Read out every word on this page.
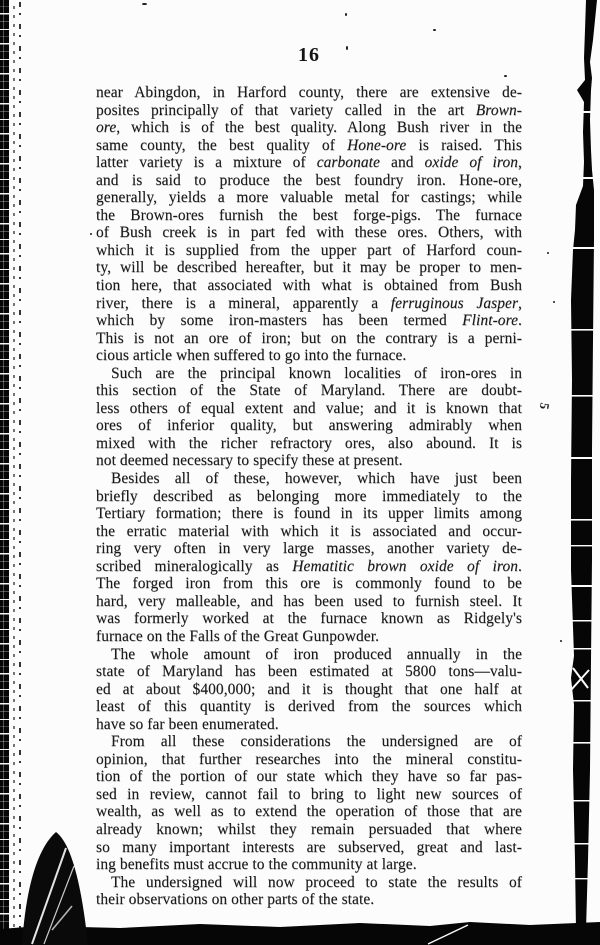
16
near Abingdon, in Harford county, there are extensive de-
posites principally of that variety called in the art Brown-
ore, which is of the best quality. Along Bush river in the
same county, the best quality of Hone-ore is raised. This
latter variety is a mixture of carbonate and oxide of iron,
and is said to produce the best foundry iron. Hone-ore,
generally, yields a more valuable metal for castings; while
the Brown-ores furnish the best forge-pigs. The furnace
of Bush creek is in part fed with these ores. Others, with
which it is supplied from the upper part of Harford coun-
ty, will be described hereafter, but it may be proper to men-
tion here, that associated with what is obtained from Bush
river, there is a mineral, apparently a ferruginous Jasper,
which by some iron-masters has been termed Flint-ore.
This is not an ore of iron; but on the contrary is a perni-
cious article when suffered to go into the furnace.
Such are the principal known localities of iron-ores in
this section of the State of Maryland. There are doubt-
less others of equal extent and value; and it is known that
ores of inferior quality, but answering admirably when
mixed with the richer refractory ores, also abound. It is
not deemed necessary to specify these at present.
Besides all of these, however, which have just been
briefly described as belonging more immediately to the
Tertiary formation; there is found in its upper limits among
the erratic material with which it is associated and occur-
ring very often in very large masses, another variety de-
scribed mineralogically as Hematitic brown oxide of iron.
The forged iron from this ore is commonly found to be
hard, very malleable, and has been used to furnish steel. It
was formerly worked at the furnace known as Ridgely's
furnace on the Falls of the Great Gunpowder.
The whole amount of iron produced annually in the
state of Maryland has been estimated at 5800 tons—valu-
ed at about $400,000; and it is thought that one half at
least of this quantity is derived from the sources which
have so far been enumerated.
From all these considerations the undersigned are of
opinion, that further researches into the mineral constitu-
tion of the portion of our state which they have so far pas-
sed in review, cannot fail to bring to light new sources of
wealth, as well as to extend the operation of those that are
already known; whilst they remain persuaded that where
so many important interests are subserved, great and last-
ing benefits must accrue to the community at large.
The undersigned will now proceed to state the results of
their observations on other parts of the state.
5
